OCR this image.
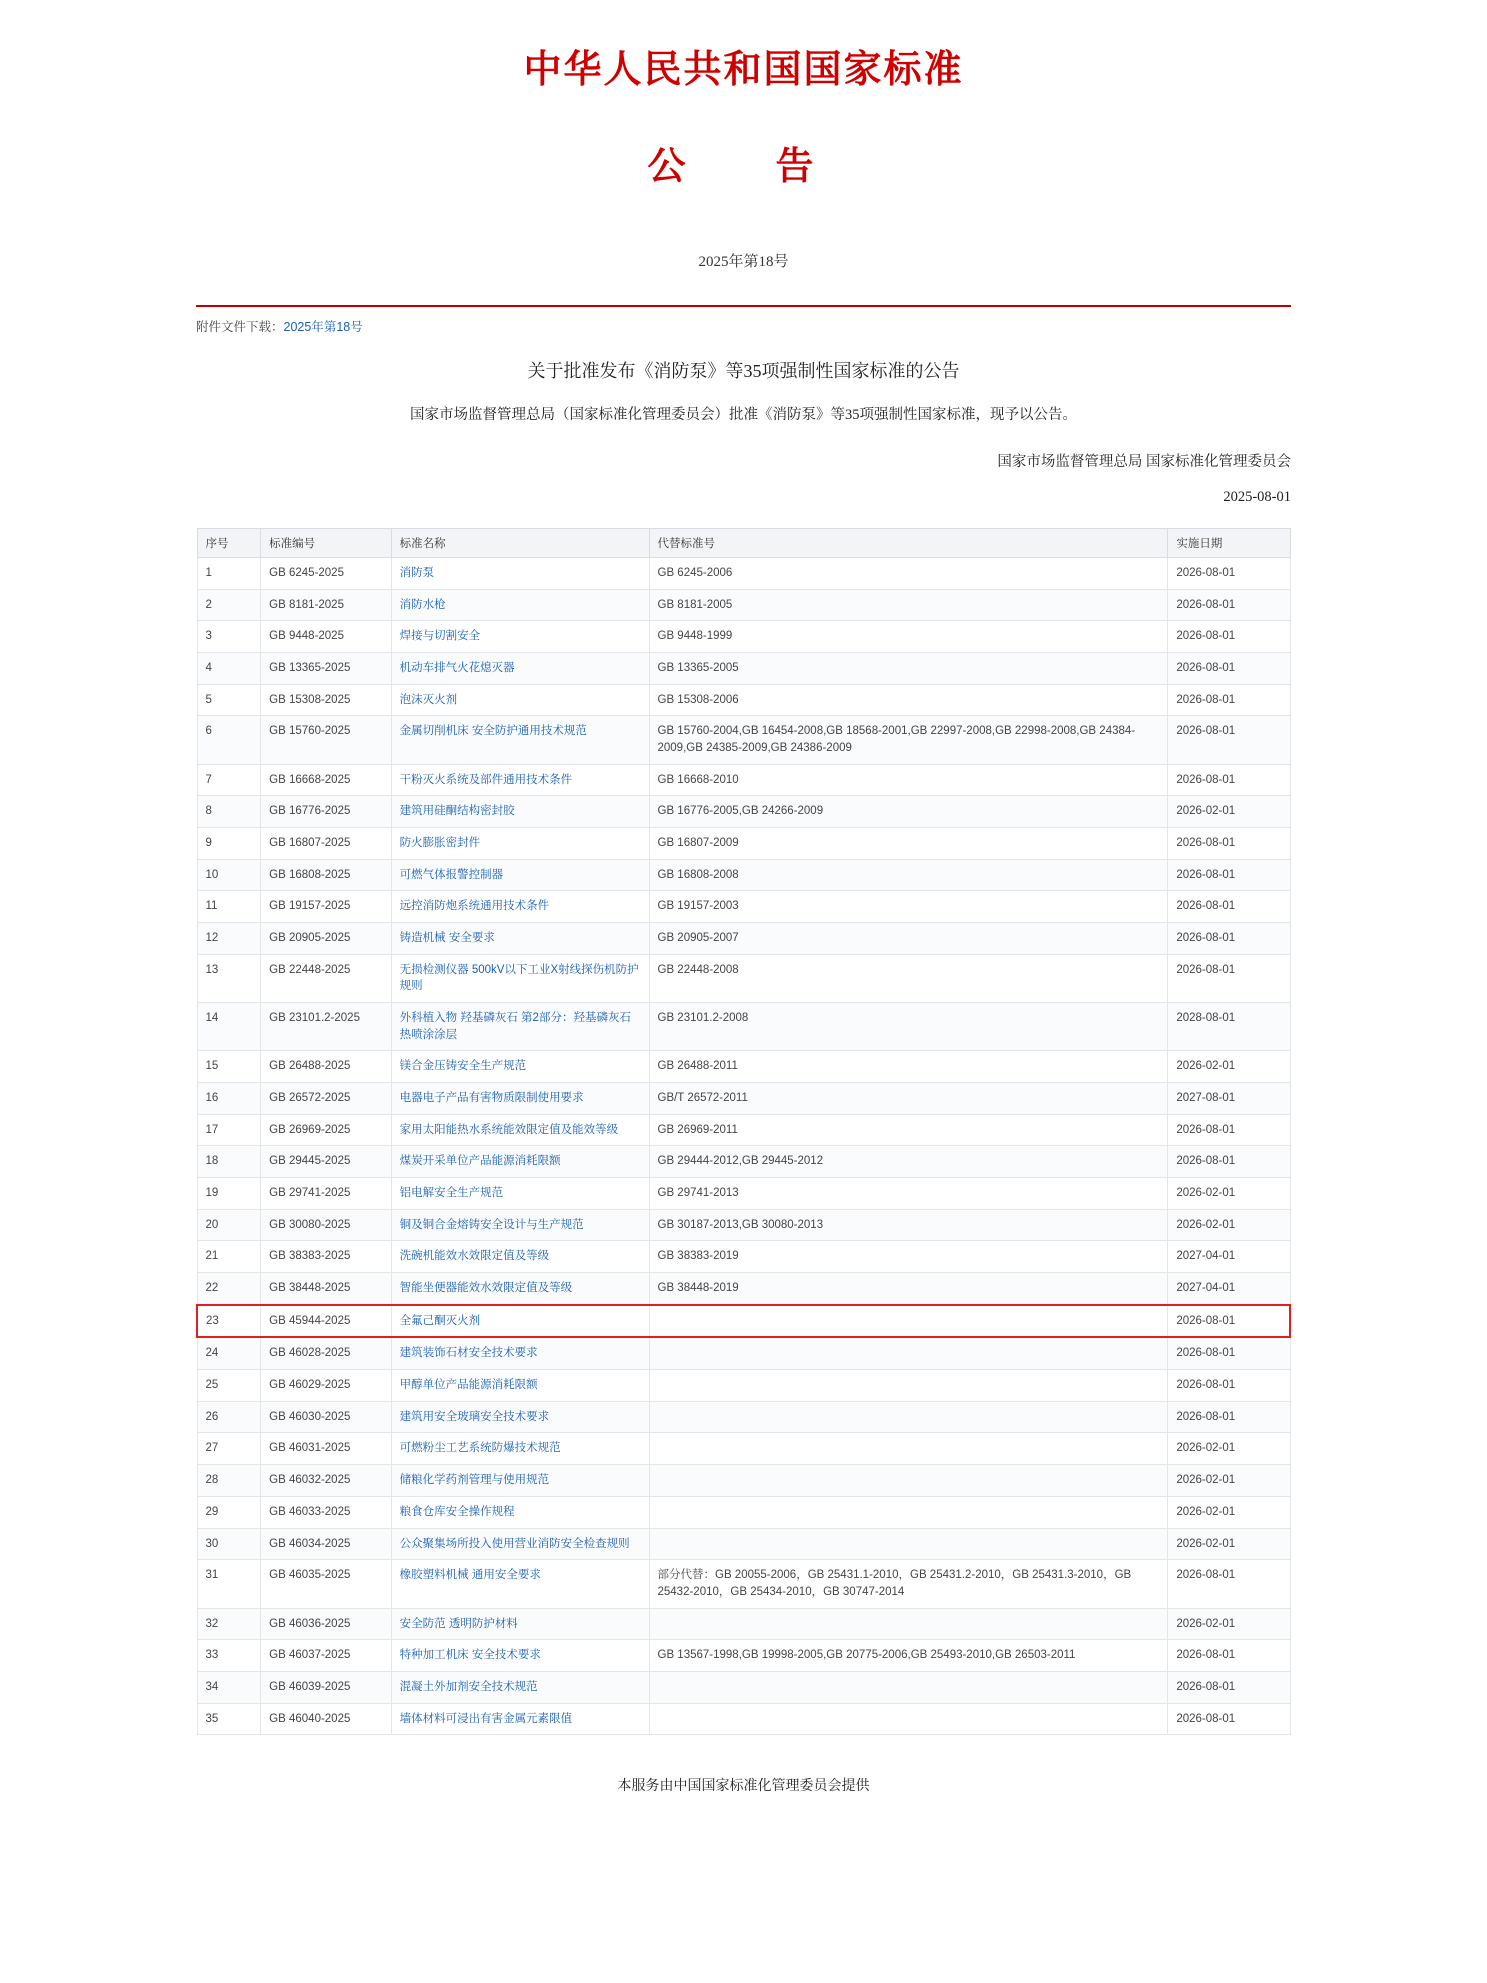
中华人民共和国国家标准
公　告
2025年第18号
附件文件下载：2025年第18号
关于批准发布《消防泵》等35项强制性国家标准的公告
国家市场监督管理总局（国家标准化管理委员会）批准《消防泵》等35项强制性国家标准，现予以公告。
国家市场监督管理总局 国家标准化管理委员会
2025-08-01
序号	标准编号	标准名称	代替标准号	实施日期
1	GB 6245-2025	消防泵	GB 6245-2006	2026-08-01
2	GB 8181-2025	消防水枪	GB 8181-2005	2026-08-01
3	GB 9448-2025	焊接与切割安全	GB 9448-1999	2026-08-01
4	GB 13365-2025	机动车排气火花熄灭器	GB 13365-2005	2026-08-01
5	GB 15308-2025	泡沫灭火剂	GB 15308-2006	2026-08-01
6	GB 15760-2025	金属切削机床 安全防护通用技术规范	GB 15760-2004,GB 16454-2008,GB 18568-2001,GB 22997-2008,GB 22998-2008,GB 24384-2009,GB 24385-2009,GB 24386-2009	2026-08-01
7	GB 16668-2025	干粉灭火系统及部件通用技术条件	GB 16668-2010	2026-08-01
8	GB 16776-2025	建筑用硅酮结构密封胶	GB 16776-2005,GB 24266-2009	2026-02-01
9	GB 16807-2025	防火膨胀密封件	GB 16807-2009	2026-08-01
10	GB 16808-2025	可燃气体报警控制器	GB 16808-2008	2026-08-01
11	GB 19157-2025	远控消防炮系统通用技术条件	GB 19157-2003	2026-08-01
12	GB 20905-2025	铸造机械 安全要求	GB 20905-2007	2026-08-01
13	GB 22448-2025	无损检测仪器 500kV以下工业X射线探伤机防护规则	GB 22448-2008	2026-08-01
14	GB 23101.2-2025	外科植入物 羟基磷灰石 第2部分：羟基磷灰石热喷涂涂层	GB 23101.2-2008	2028-08-01
15	GB 26488-2025	镁合金压铸安全生产规范	GB 26488-2011	2026-02-01
16	GB 26572-2025	电器电子产品有害物质限制使用要求	GB/T 26572-2011	2027-08-01
17	GB 26969-2025	家用太阳能热水系统能效限定值及能效等级	GB 26969-2011	2026-08-01
18	GB 29445-2025	煤炭开采单位产品能源消耗限额	GB 29444-2012,GB 29445-2012	2026-08-01
19	GB 29741-2025	铝电解安全生产规范	GB 29741-2013	2026-02-01
20	GB 30080-2025	铜及铜合金熔铸安全设计与生产规范	GB 30187-2013,GB 30080-2013	2026-02-01
21	GB 38383-2025	洗碗机能效水效限定值及等级	GB 38383-2019	2027-04-01
22	GB 38448-2025	智能坐便器能效水效限定值及等级	GB 38448-2019	2027-04-01
23	GB 45944-2025	全氟己酮灭火剂		2026-08-01
24	GB 46028-2025	建筑装饰石材安全技术要求		2026-08-01
25	GB 46029-2025	甲醇单位产品能源消耗限额		2026-08-01
26	GB 46030-2025	建筑用安全玻璃安全技术要求		2026-08-01
27	GB 46031-2025	可燃粉尘工艺系统防爆技术规范		2026-02-01
28	GB 46032-2025	储粮化学药剂管理与使用规范		2026-02-01
29	GB 46033-2025	粮食仓库安全操作规程		2026-02-01
30	GB 46034-2025	公众聚集场所投入使用营业消防安全检查规则		2026-02-01
31	GB 46035-2025	橡胶塑料机械 通用安全要求	部分代替：GB 20055-2006，GB 25431.1-2010，GB 25431.2-2010，GB 25431.3-2010，GB 25432-2010，GB 25434-2010，GB 30747-2014	2026-08-01
32	GB 46036-2025	安全防范 透明防护材料		2026-02-01
33	GB 46037-2025	特种加工机床 安全技术要求	GB 13567-1998,GB 19998-2005,GB 20775-2006,GB 25493-2010,GB 26503-2011	2026-08-01
34	GB 46039-2025	混凝土外加剂安全技术规范		2026-08-01
35	GB 46040-2025	墙体材料可浸出有害金属元素限值		2026-08-01
本服务由中国国家标准化管理委员会提供
